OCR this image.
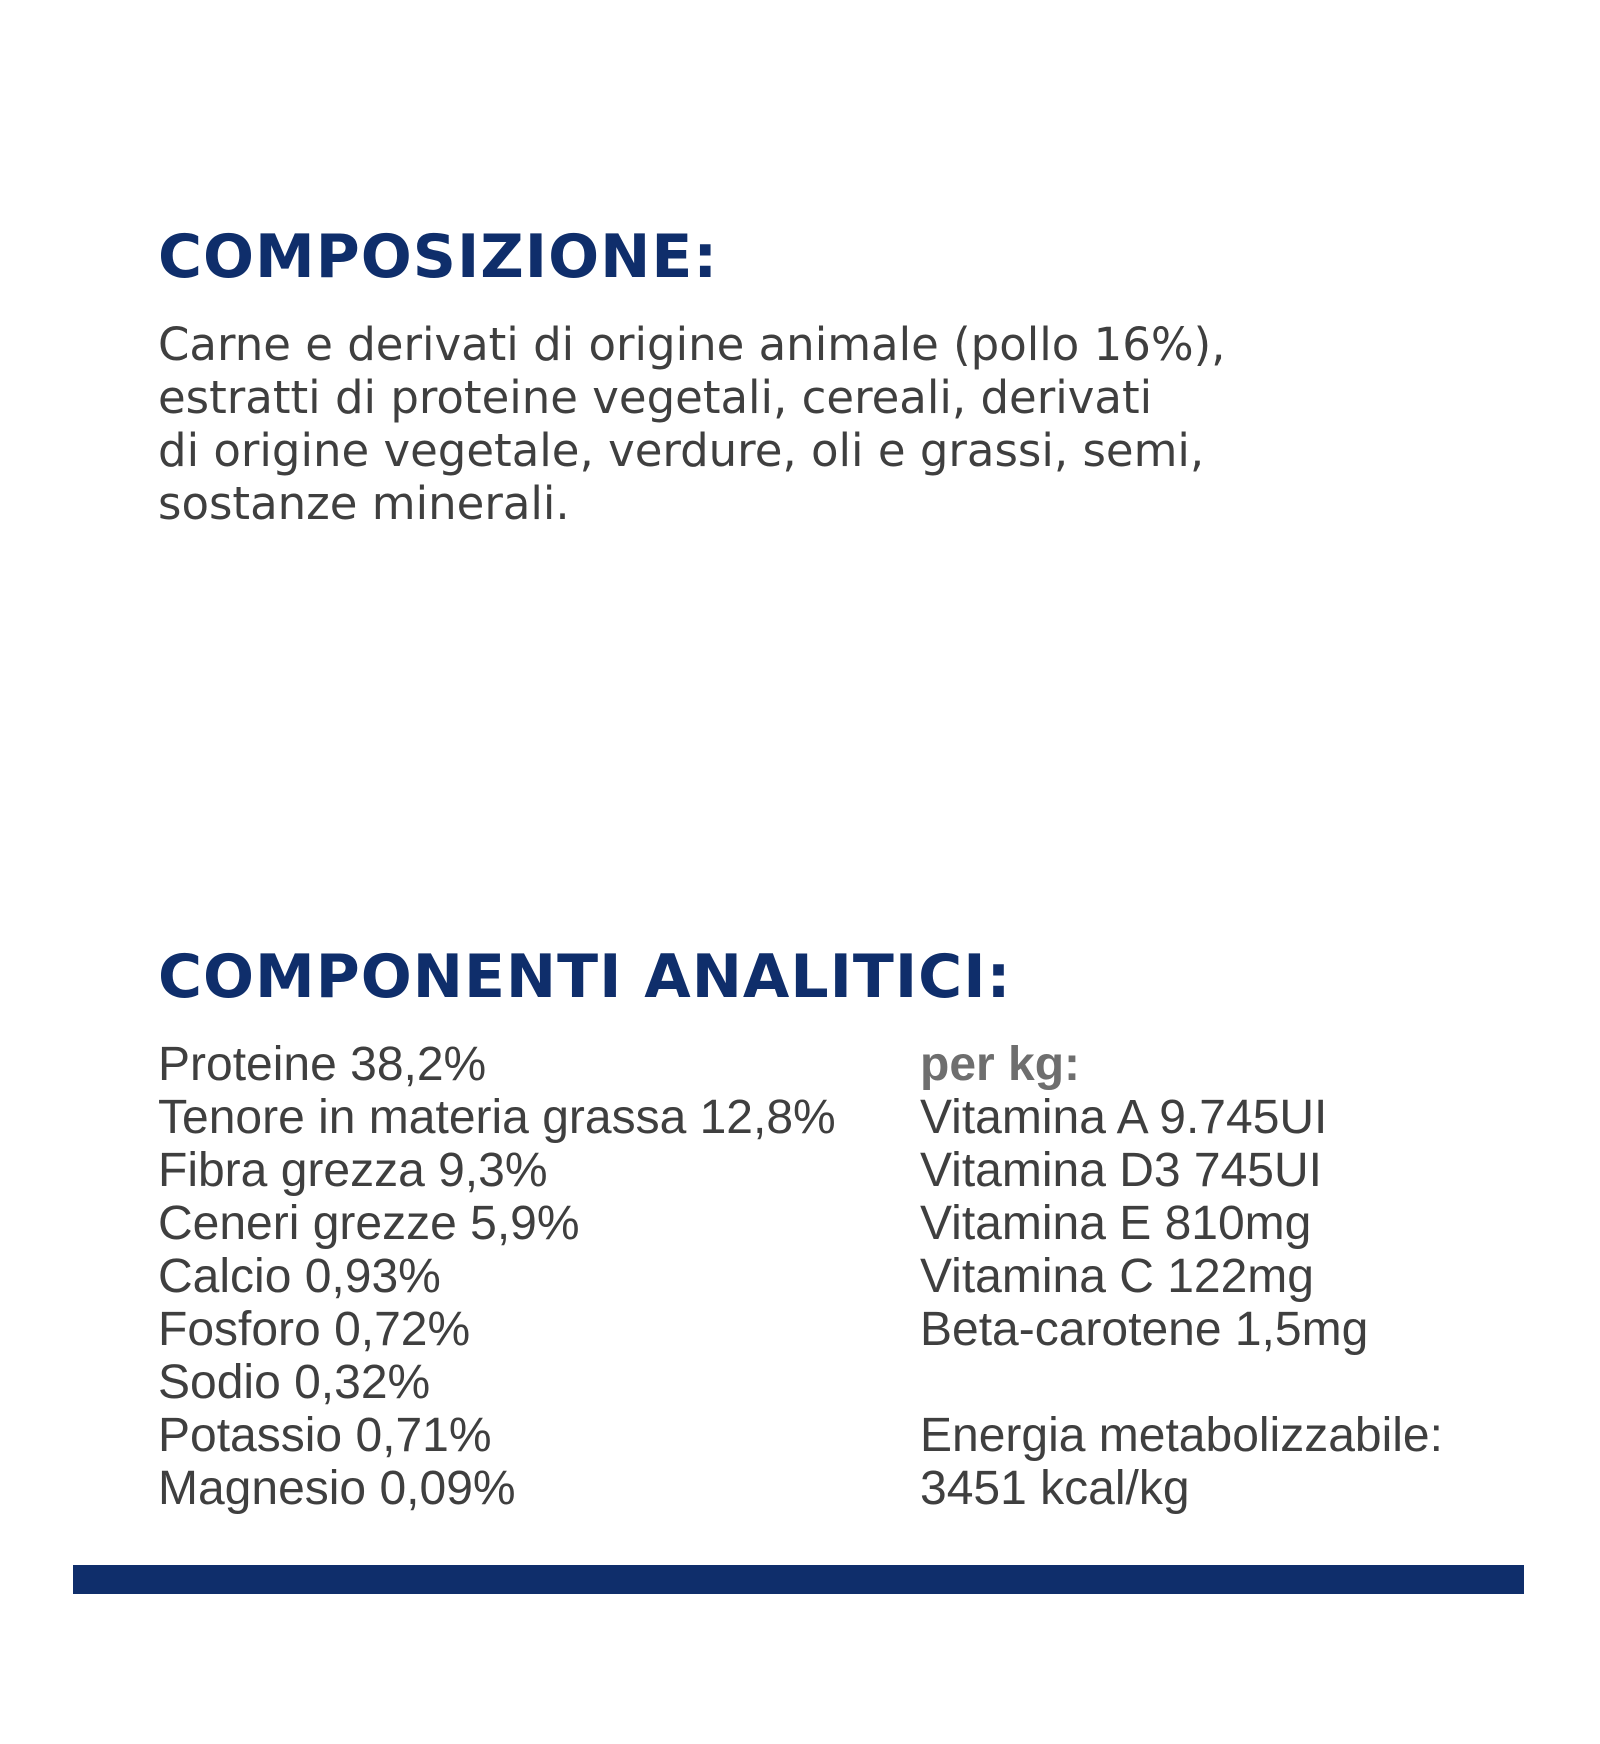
COMPOSIZIONE:

Carne e derivati di origine animale (pollo 16%),
estratti di proteine vegetali, cereali, derivati
di origine vegetale, verdure, oli e grassi, semi,
sostanze minerali.

COMPONENTI ANALITICI:
Proteine 38,2%
Tenore in materia grassa 12,8%
Fibra grezza 9,3%
Ceneri grezze 5,9%
Calcio 0,93%
Fosforo 0,72%
Sodio 0,32%
Potassio 0,71%
Magnesio 0,09%
per kg:
Vitamina A 9.745UI
Vitamina D3 745UI
Vitamina E 810mg
Vitamina C 122mg
Beta-carotene 1,5mg
Energia metabolizzabile:
3451 kcal/kg
